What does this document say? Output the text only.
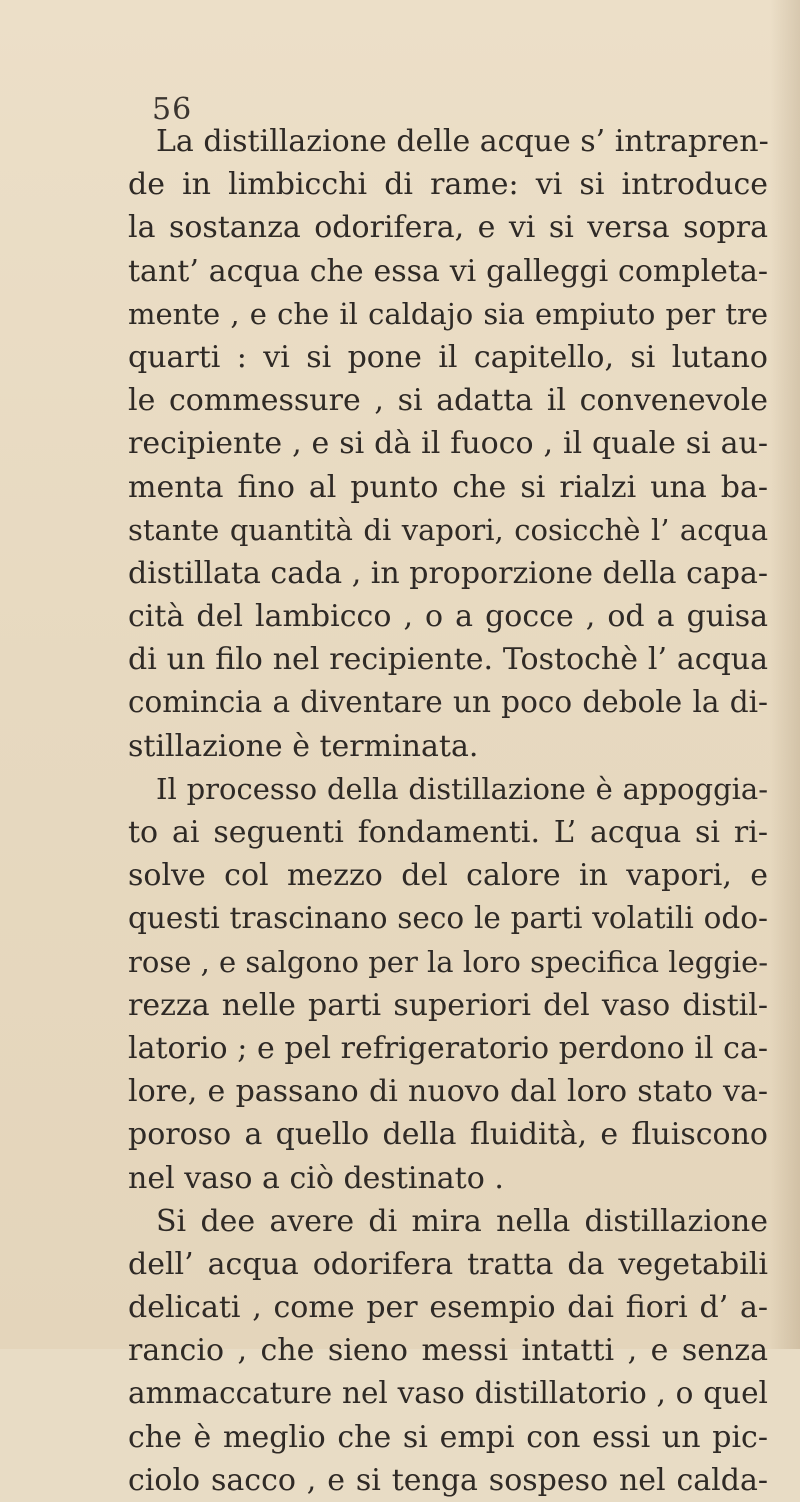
56
La distillazione delle acque s’ intrapren-
de in limbicchi di rame: vi si introduce
la sostanza odorifera, e vi si versa sopra
tant’ acqua che essa vi galleggi completa-
mente , e che il caldajo sia empiuto per tre
quarti : vi si pone il capitello, si lutano
le commessure , si adatta il convenevole
recipiente , e si dà il fuoco , il quale si au-
menta fino al punto che si rialzi una ba-
stante quantità di vapori, cosicchè l’ acqua
distillata cada , in proporzione della capa-
cità del lambicco , o a gocce , od a guisa
di un filo nel recipiente. Tostochè l’ acqua
comincia a diventare un poco debole la di-
stillazione è terminata.
Il processo della distillazione è appoggia-
to ai seguenti fondamenti. L’ acqua si ri-
solve col mezzo del calore in vapori, e
questi trascinano seco le parti volatili odo-
rose , e salgono per la loro specifica leggie-
rezza nelle parti superiori del vaso distil-
latorio ; e pel refrigeratorio perdono il ca-
lore, e passano di nuovo dal loro stato va-
poroso a quello della fluidità, e fluiscono
nel vaso a ciò destinato .
Si dee avere di mira nella distillazione
dell’ acqua odorifera tratta da vegetabili
delicati , come per esempio dai fiori d’ a-
rancio , che sieno messi intatti , e senza
ammaccature nel vaso distillatorio , o quel
che è meglio che si empi con essi un pic-
ciolo sacco , e si tenga sospeso nel calda-
